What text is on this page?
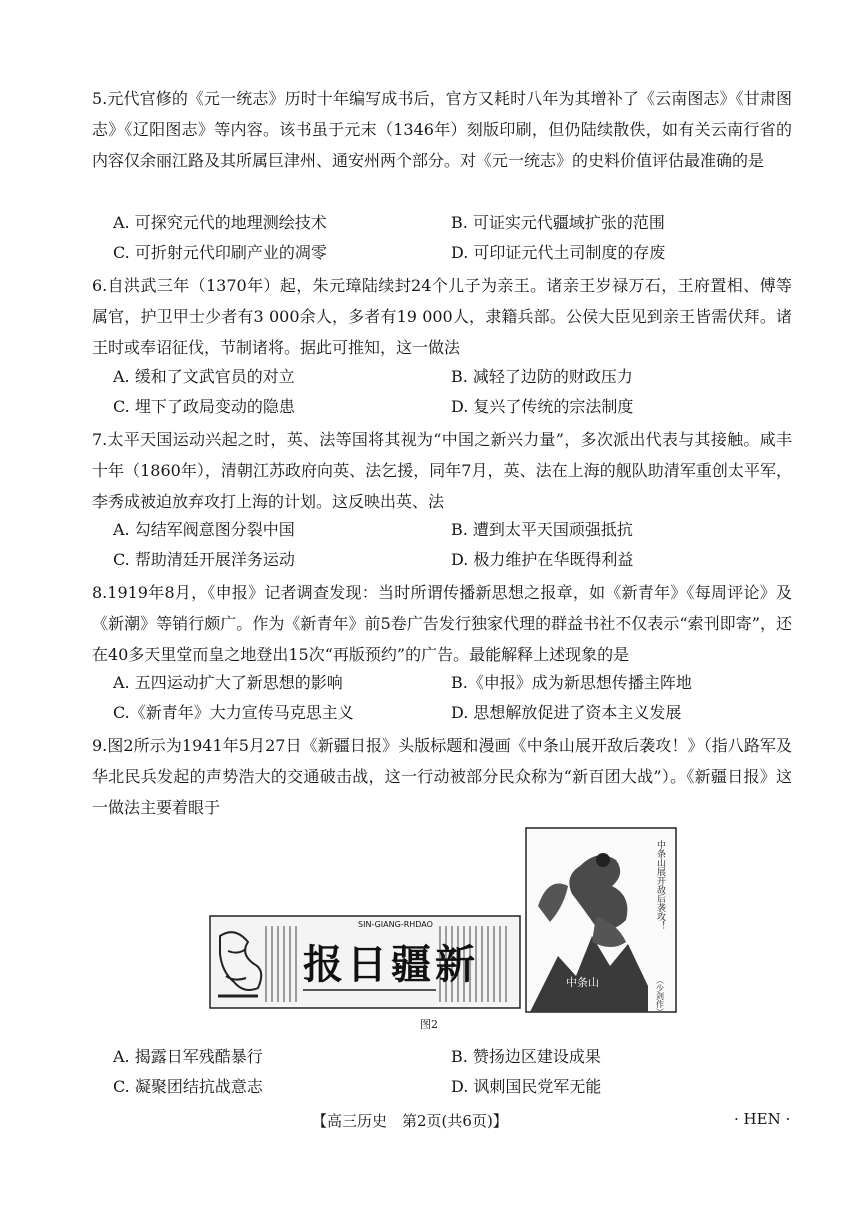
5.元代官修的《元一统志》历时十年编写成书后，官方又耗时八年为其增补了《云南图志》《甘肃图志》《辽阳图志》等内容。该书虽于元末（1346年）刻版印刷，但仍陆续散佚，如有关云南行省的内容仅余丽江路及其所属巨津州、通安州两个部分。对《元一统志》的史料价值评估最准确的是

A. 可探究元代的地理测绘技术	B. 可证实元代疆域扩张的范围
C. 可折射元代印刷产业的凋零	D. 可印证元代土司制度的存废

6.自洪武三年（1370年）起，朱元璋陆续封24个儿子为亲王。诸亲王岁禄万石，王府置相、傅等属官，护卫甲士少者有3 000余人，多者有19 000人，隶籍兵部。公侯大臣见到亲王皆需伏拜。诸王时或奉诏征伐，节制诸将。据此可推知，这一做法

A. 缓和了文武官员的对立	B. 减轻了边防的财政压力
C. 埋下了政局变动的隐患	D. 复兴了传统的宗法制度

7.太平天国运动兴起之时，英、法等国将其视为“中国之新兴力量”，多次派出代表与其接触。咸丰十年（1860年），清朝江苏政府向英、法乞援，同年7月，英、法在上海的舰队助清军重创太平军，李秀成被迫放弃攻打上海的计划。这反映出英、法

A. 勾结军阀意图分裂中国	B. 遭到太平天国顽强抵抗
C. 帮助清廷开展洋务运动	D. 极力维护在华既得利益

8.1919年8月，《申报》记者调查发现：当时所谓传播新思想之报章，如《新青年》《每周评论》及《新潮》等销行颇广。作为《新青年》前5卷广告发行独家代理的群益书社不仅表示“索刊即寄”，还在40多天里堂而皇之地登出15次“再版预约”的广告。最能解释上述现象的是

A. 五四运动扩大了新思想的影响	B.《申报》成为新思想传播主阵地
C.《新青年》大力宣传马克思主义	D. 思想解放促进了资本主义发展

9.图2所示为1941年5月27日《新疆日报》头版标题和漫画《中条山展开敌后袭攻！》（指八路军及华北民兵发起的声势浩大的交通破击战，这一行动被部分民众称为“新百团大战”）。《新疆日报》这一做法主要着眼于

报日疆新
SIN-GIANG-RHDAO
中条山
中条山展开敌后袭攻！
（少剑作）
图2
A. 揭露日军残酷暴行	B. 赞扬边区建设成果
C. 凝聚团结抗战意志	D. 讽刺国民党军无能
【高三历史　第2页(共6页)】	· HEN ·
